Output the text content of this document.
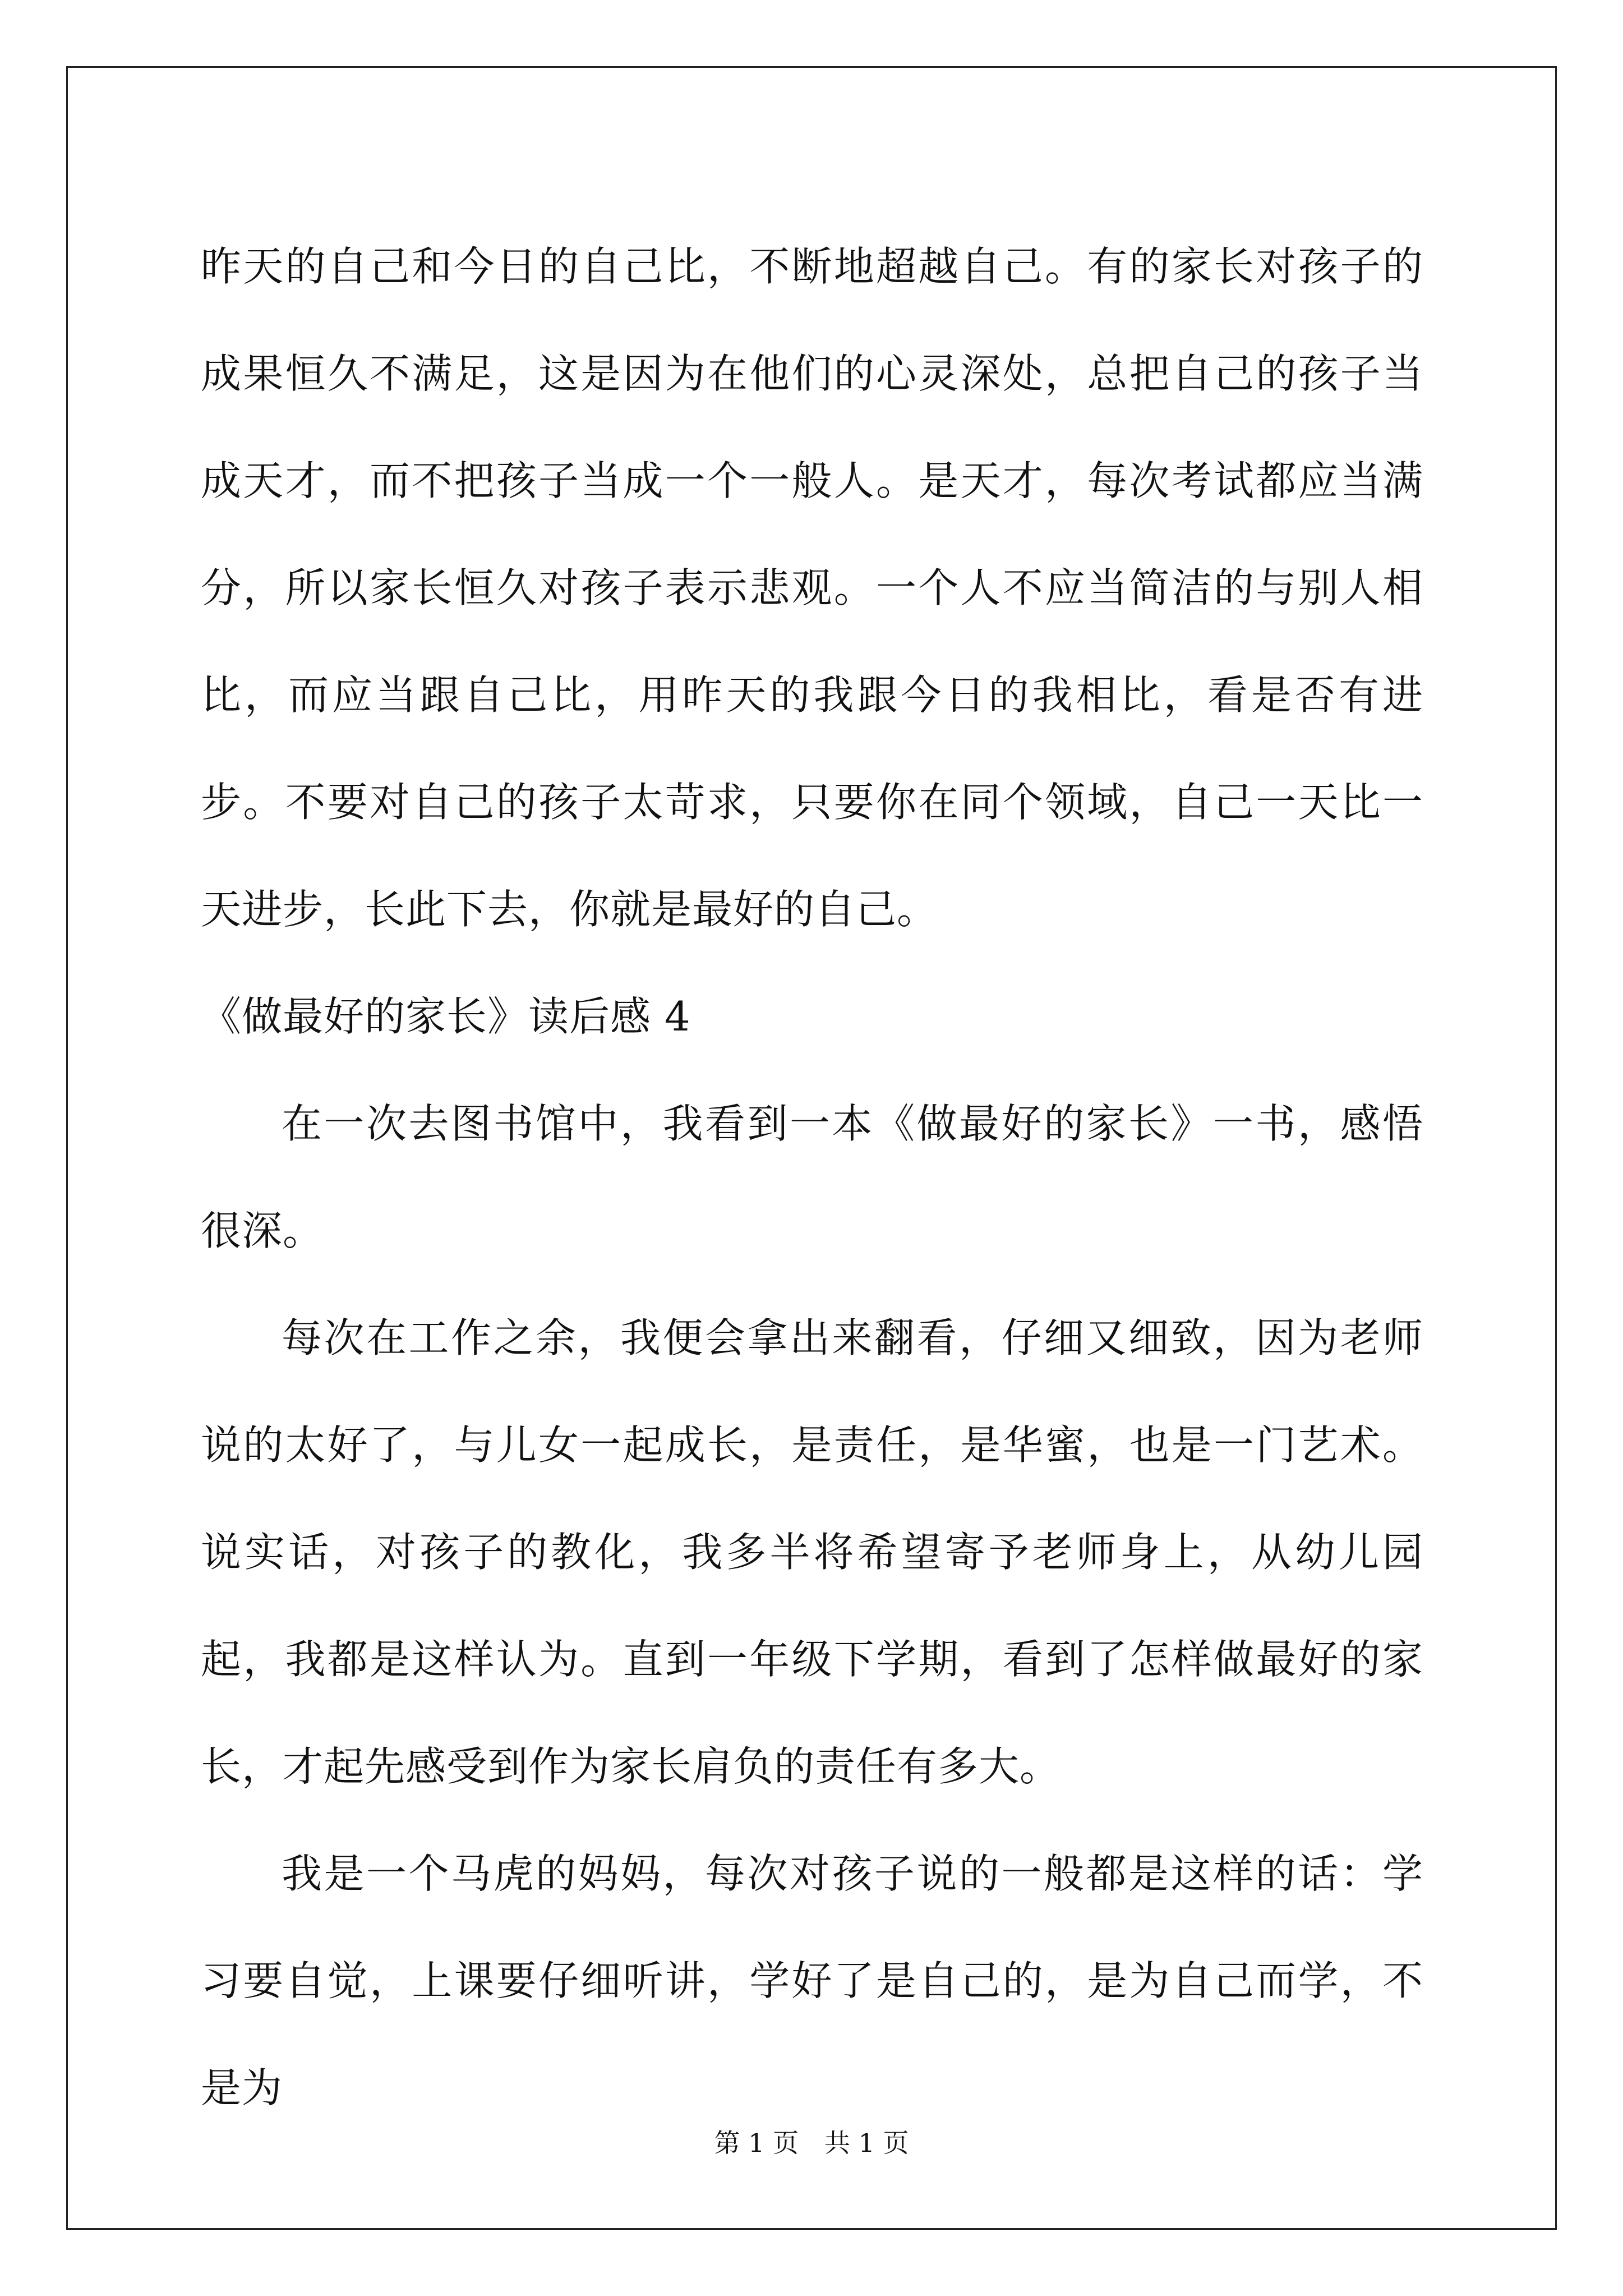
昨天的自己和今日的自己比，不断地超越自己。有的家长对孩子的成果恒久不满足，这是因为在他们的心灵深处，总把自己的孩子当成天才，而不把孩子当成一个一般人。是天才，每次考试都应当满分，所以家长恒久对孩子表示悲观。一个人不应当简洁的与别人相比，而应当跟自己比，用昨天的我跟今日的我相比，看是否有进步。不要对自己的孩子太苛求，只要你在同个领域，自己一天比一天进步，长此下去，你就是最好的自己。

《做最好的家长》读后感 4

在一次去图书馆中，我看到一本《做最好的家长》一书，感悟很深。

每次在工作之余，我便会拿出来翻看，仔细又细致，因为老师说的太好了，与儿女一起成长，是责任，是华蜜，也是一门艺术。说实话，对孩子的教化，我多半将希望寄予老师身上，从幼儿园起，我都是这样认为。直到一年级下学期，看到了怎样做最好的家长，才起先感受到作为家长肩负的责任有多大。

我是一个马虎的妈妈，每次对孩子说的一般都是这样的话：学习要自觉，上课要仔细听讲，学好了是自己的，是为自己而学，不是为

第 1 页 共 1 页
